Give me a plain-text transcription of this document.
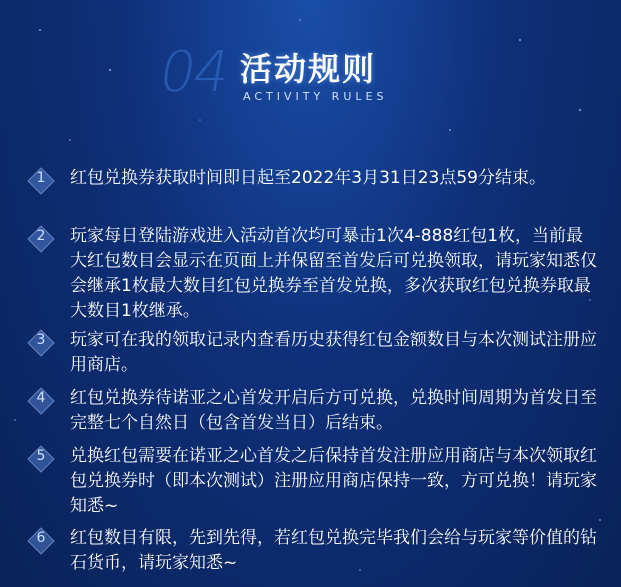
04 活动规则
ACTIVITY RULES
1	红包兑换券获取时间即日起至2022年3月31日23点59分结束。
2	玩家每日登陆游戏进入活动首次均可暴击1次4-888红包1枚，当前最大红包数目会显示在页面上并保留至首发后可兑换领取，请玩家知悉仅会继承1枚最大数目红包兑换券至首发兑换，多次获取红包兑换券取最大数目1枚继承。
3	玩家可在我的领取记录内查看历史获得红包金额数目与本次测试注册应用商店。
4	红包兑换券待诺亚之心首发开启后方可兑换，兑换时间周期为首发日至完整七个自然日（包含首发当日）后结束。
5	兑换红包需要在诺亚之心首发之后保持首发注册应用商店与本次领取红包兑换券时（即本次测试）注册应用商店保持一致，方可兑换！请玩家知悉~
6	红包数目有限，先到先得，若红包兑换完毕我们会给与玩家等价值的钻石货币，请玩家知悉~
